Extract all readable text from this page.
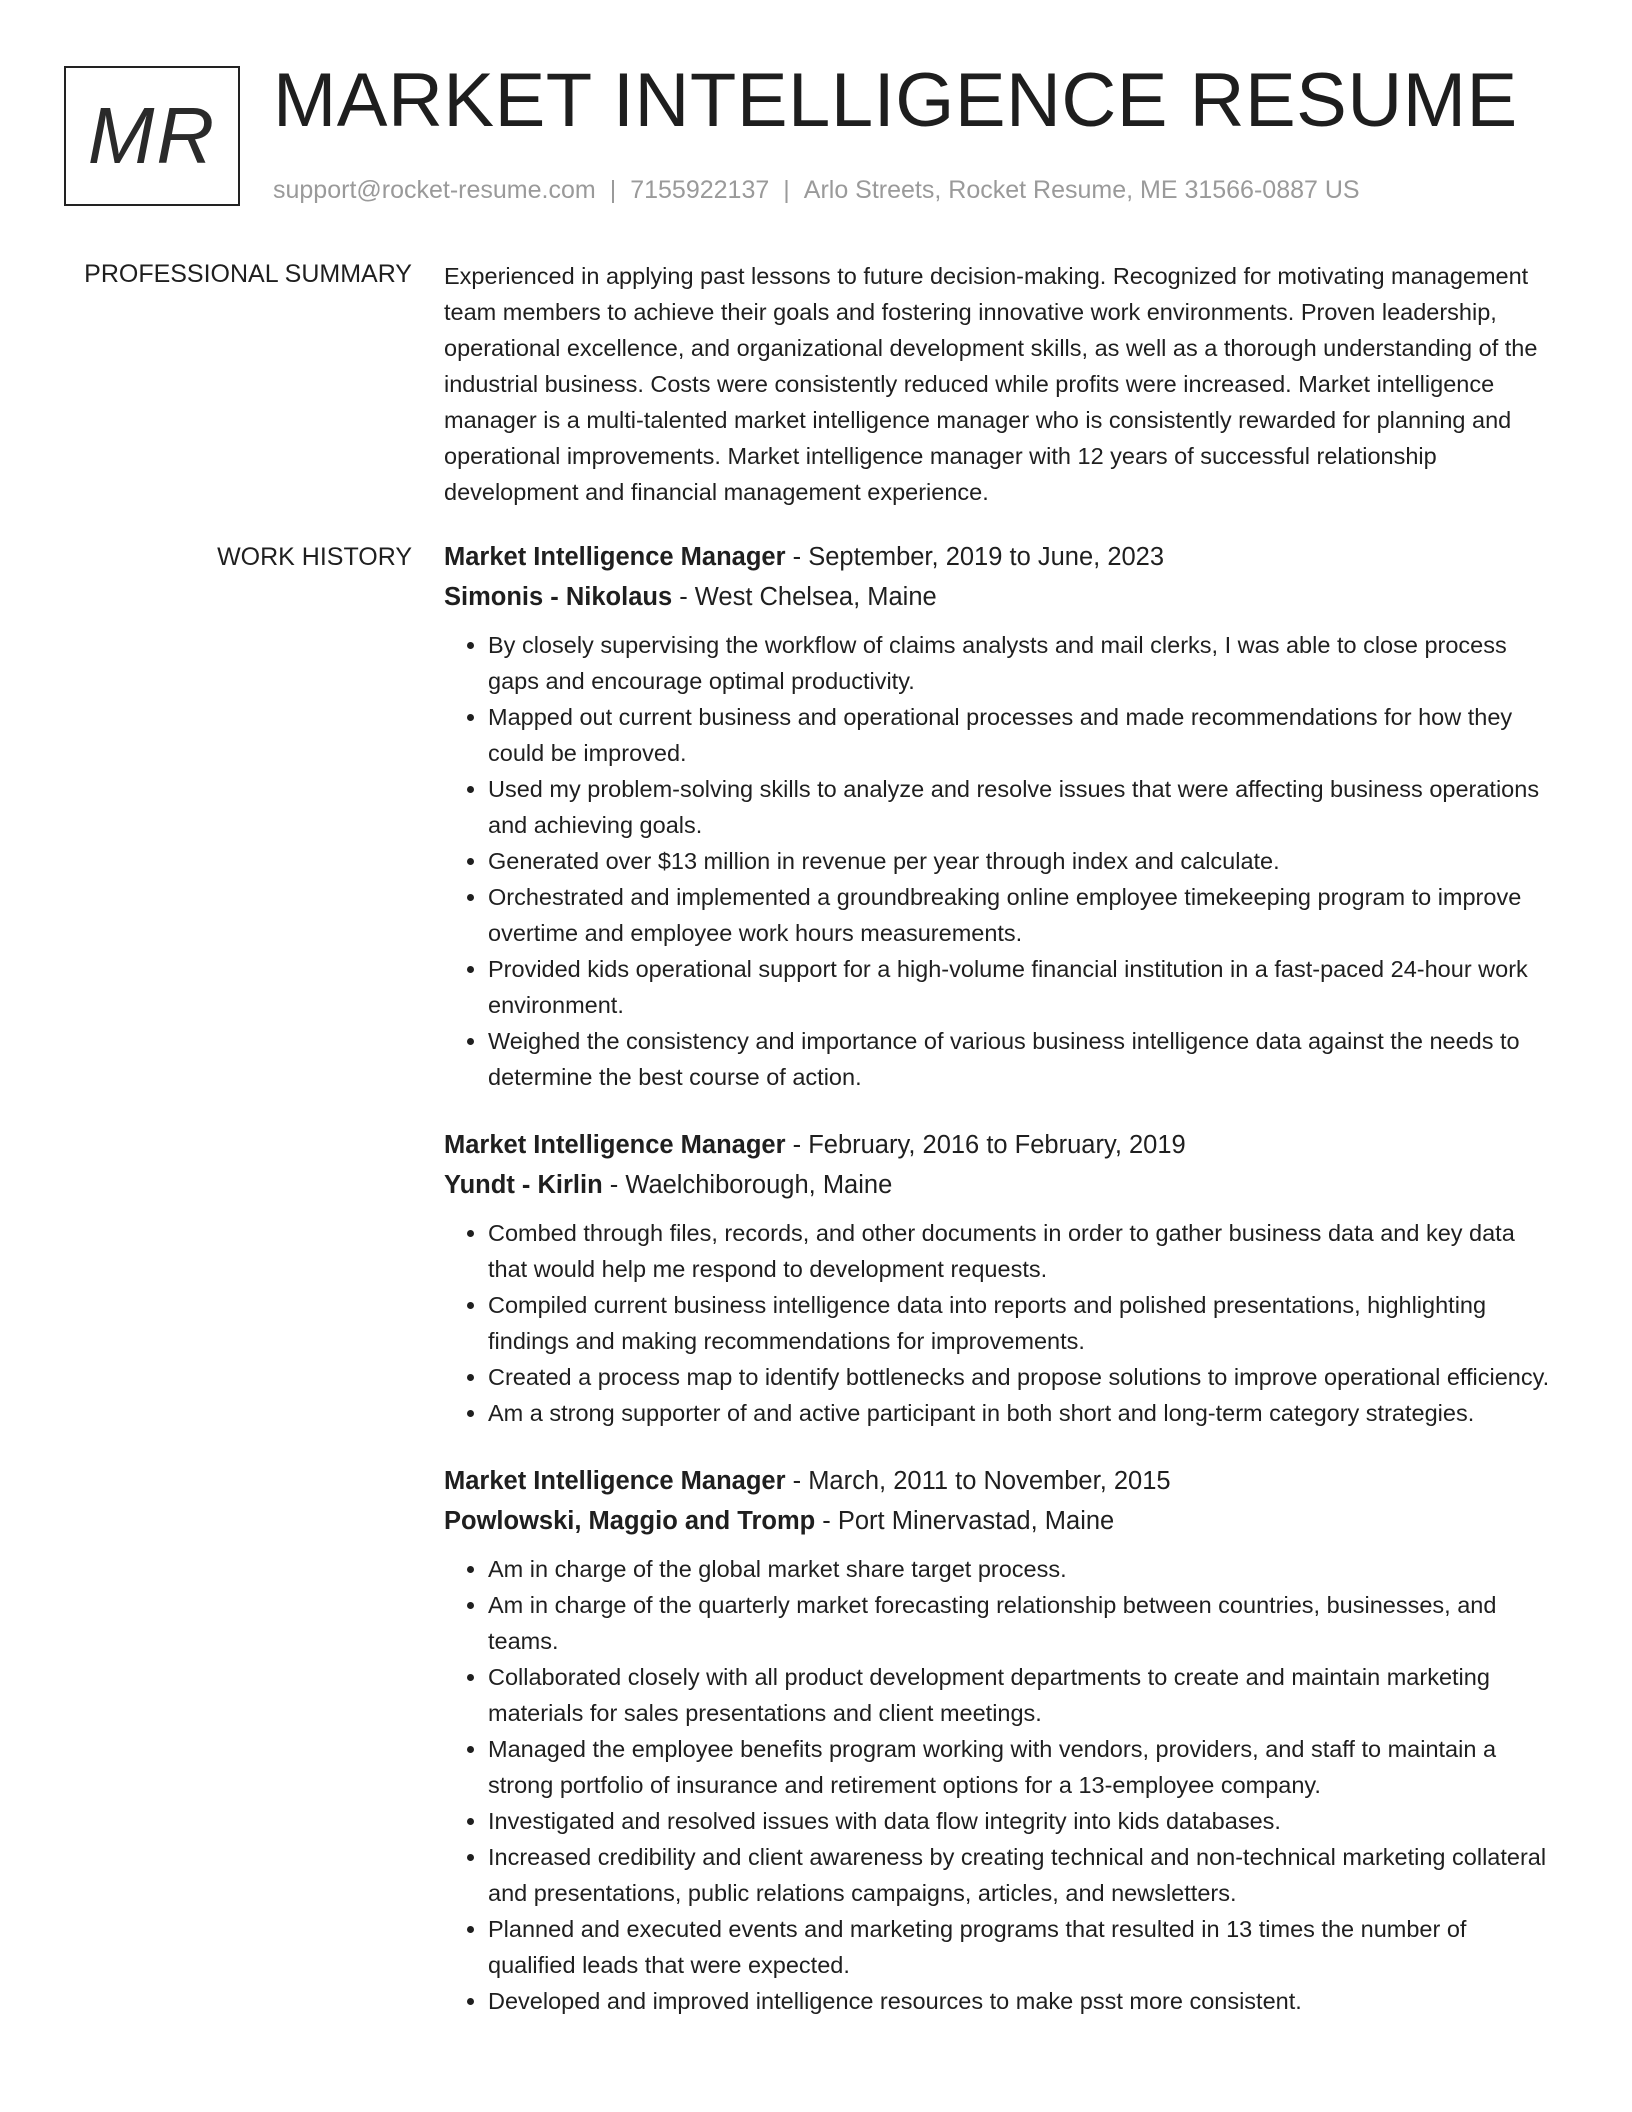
MR MARKET INTELLIGENCE RESUME
support@rocket-resume.com | 7155922137 | Arlo Streets, Rocket Resume, ME 31566-0887 US
PROFESSIONAL SUMMARY Experienced in applying past lessons to future decision-making. Recognized for motivating management team members to achieve their goals and fostering innovative work environments. Proven leadership, operational excellence, and organizational development skills, as well as a thorough understanding of the industrial business. Costs were consistently reduced while profits were increased. Market intelligence manager is a multi-talented market intelligence manager who is consistently rewarded for planning and operational improvements. Market intelligence manager with 12 years of successful relationship development and financial management experience.

WORK HISTORY Market Intelligence Manager - September, 2019 to June, 2023
Simonis - Nikolaus - West Chelsea, Maine
• By closely supervising the workflow of claims analysts and mail clerks, I was able to close process gaps and encourage optimal productivity.
• Mapped out current business and operational processes and made recommendations for how they could be improved.
• Used my problem-solving skills to analyze and resolve issues that were affecting business operations and achieving goals.
• Generated over $13 million in revenue per year through index and calculate.
• Orchestrated and implemented a groundbreaking online employee timekeeping program to improve overtime and employee work hours measurements.
• Provided kids operational support for a high-volume financial institution in a fast-paced 24-hour work environment.
• Weighed the consistency and importance of various business intelligence data against the needs to determine the best course of action.
Market Intelligence Manager - February, 2016 to February, 2019
Yundt - Kirlin - Waelchiborough, Maine
• Combed through files, records, and other documents in order to gather business data and key data that would help me respond to development requests.
• Compiled current business intelligence data into reports and polished presentations, highlighting findings and making recommendations for improvements.
• Created a process map to identify bottlenecks and propose solutions to improve operational efficiency.
• Am a strong supporter of and active participant in both short and long-term category strategies.
Market Intelligence Manager - March, 2011 to November, 2015
Powlowski, Maggio and Tromp - Port Minervastad, Maine
• Am in charge of the global market share target process.
• Am in charge of the quarterly market forecasting relationship between countries, businesses, and teams.
• Collaborated closely with all product development departments to create and maintain marketing materials for sales presentations and client meetings.
• Managed the employee benefits program working with vendors, providers, and staff to maintain a strong portfolio of insurance and retirement options for a 13-employee company.
• Investigated and resolved issues with data flow integrity into kids databases.
• Increased credibility and client awareness by creating technical and non-technical marketing collateral and presentations, public relations campaigns, articles, and newsletters.
• Planned and executed events and marketing programs that resulted in 13 times the number of qualified leads that were expected.
• Developed and improved intelligence resources to make psst more consistent.
